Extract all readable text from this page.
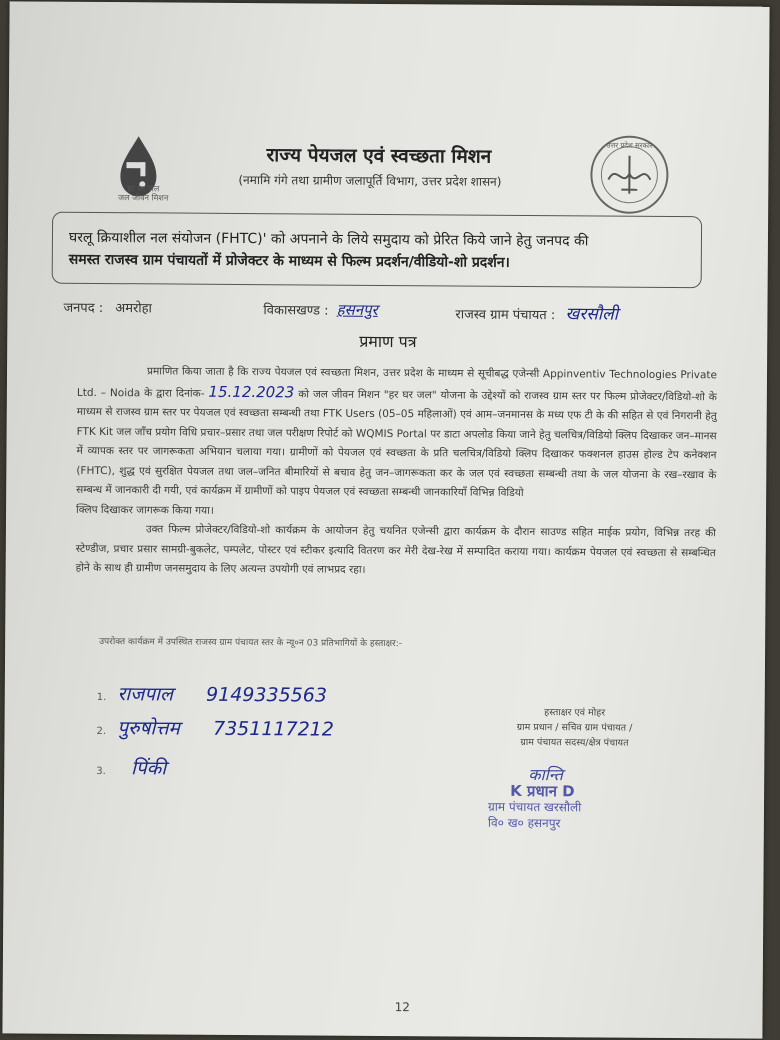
हर घर जल
जल जीवन मिशन
राज्य पेयजल एवं स्वच्छता मिशन
(नमामि गंगे तथा ग्रामीण जलापूर्ति विभाग, उत्तर प्रदेश शासन)
उत्तर प्रदेश सरकार
घरलू क्रियाशील नल संयोजन (FHTC)' को अपनाने के लिये समुदाय को प्रेरित किये जाने हेतु जनपद की
समस्त राजस्व ग्राम पंचायतों में प्रोजेक्टर के माध्यम से फिल्म प्रदर्शन/वीडियो-शो प्रदर्शन।
जनपद : अमरोहा	विकासखण्ड : हसनपुर	राजस्व ग्राम पंचायत : खरसौली
प्रमाण पत्र

प्रमाणित किया जाता है कि राज्य पेयजल एवं स्वच्छता मिशन, उत्तर प्रदेश के माध्यम से सूचीबद्ध एजेन्सी Appinventiv Technologies Private Ltd. – Noida के द्वारा दिनांक- 15.12.2023 को जल जीवन मिशन "हर घर जल" योजना के उद्देश्यों को राजस्व ग्राम स्तर पर फिल्म प्रोजेक्टर/विडियो-शो के माध्यम से राजस्व ग्राम स्तर पर पेयजल एवं स्वच्छता सम्बन्धी तथा FTK Users (05–05 महिलाओं) एवं आम–जनमानस के मध्य एफ टी के की सहित से एवं निगरानी हेतु FTK Kit जल जाँच प्रयोग विधि प्रचार–प्रसार तथा जल परीक्षण रिपोर्ट को WQMIS Portal पर डाटा अपलोड किया जाने हेतु चलचित्र/विडियो क्लिप दिखाकर जन–मानस में व्यापक स्तर पर जागरूकता अभियान चलाया गया। ग्रामीणों को पेयजल एवं स्वच्छता के प्रति चलचित्र/विडियो क्लिप दिखाकर फक्शनल हाउस होल्ड टेप कनेक्शन (FHTC), शुद्ध एवं सुरक्षित पेयजल तथा जल–जनित बीमारियों से बचाव हेतु जन–जागरूकता कर के जल एवं स्वच्छता सम्बन्धी तथा के जल योजना के रख–रखाव के सम्बन्ध में जानकारी दी गयी, एवं कार्यक्रम में ग्रामीणों को पाइप पेयजल एवं स्वच्छता सम्बन्धी जानकारियाँ विभिन्न विडियो

क्लिप दिखाकर जागरूक किया गया।

उक्त फिल्म प्रोजेक्टर/विडियो-शो कार्यक्रम के आयोजन हेतु चयनित एजेन्सी द्वारा कार्यक्रम के दौरान साउण्ड सहित माईक प्रयोग, विभिन्न तरह की स्टेण्डीज, प्रचार प्रसार सामग्री-बुकलेट, पम्पलेट, पोस्टर एवं स्टीकर इत्यादि वितरण कर मेरी देख-रेख में सम्पादित कराया गया। कार्यक्रम पेयजल एवं स्वच्छता से सम्बन्धित होने के साथ ही ग्रामीण जनसमुदाय के लिए अत्यन्त उपयोगी एवं लाभप्रद रहा।

उपरोक्त कार्यक्रम में उपस्थित राजस्व ग्राम पंचायत स्तर के न्यू०न 03 प्रतिभागियों के हस्ताक्षर:-
1. राजपाल 9149335563
2. पुरुषोत्तम 7351117212
3. पिंकी
हस्ताक्षर एवं मोहर
ग्राम प्रधान / सचिव ग्राम पंचायत /
ग्राम पंचायत सदस्य/क्षेत्र पंचायत
कान्ति
K प्रधान D
ग्राम पंचायत खरसौली
वि० ख० हसनपुर
12
